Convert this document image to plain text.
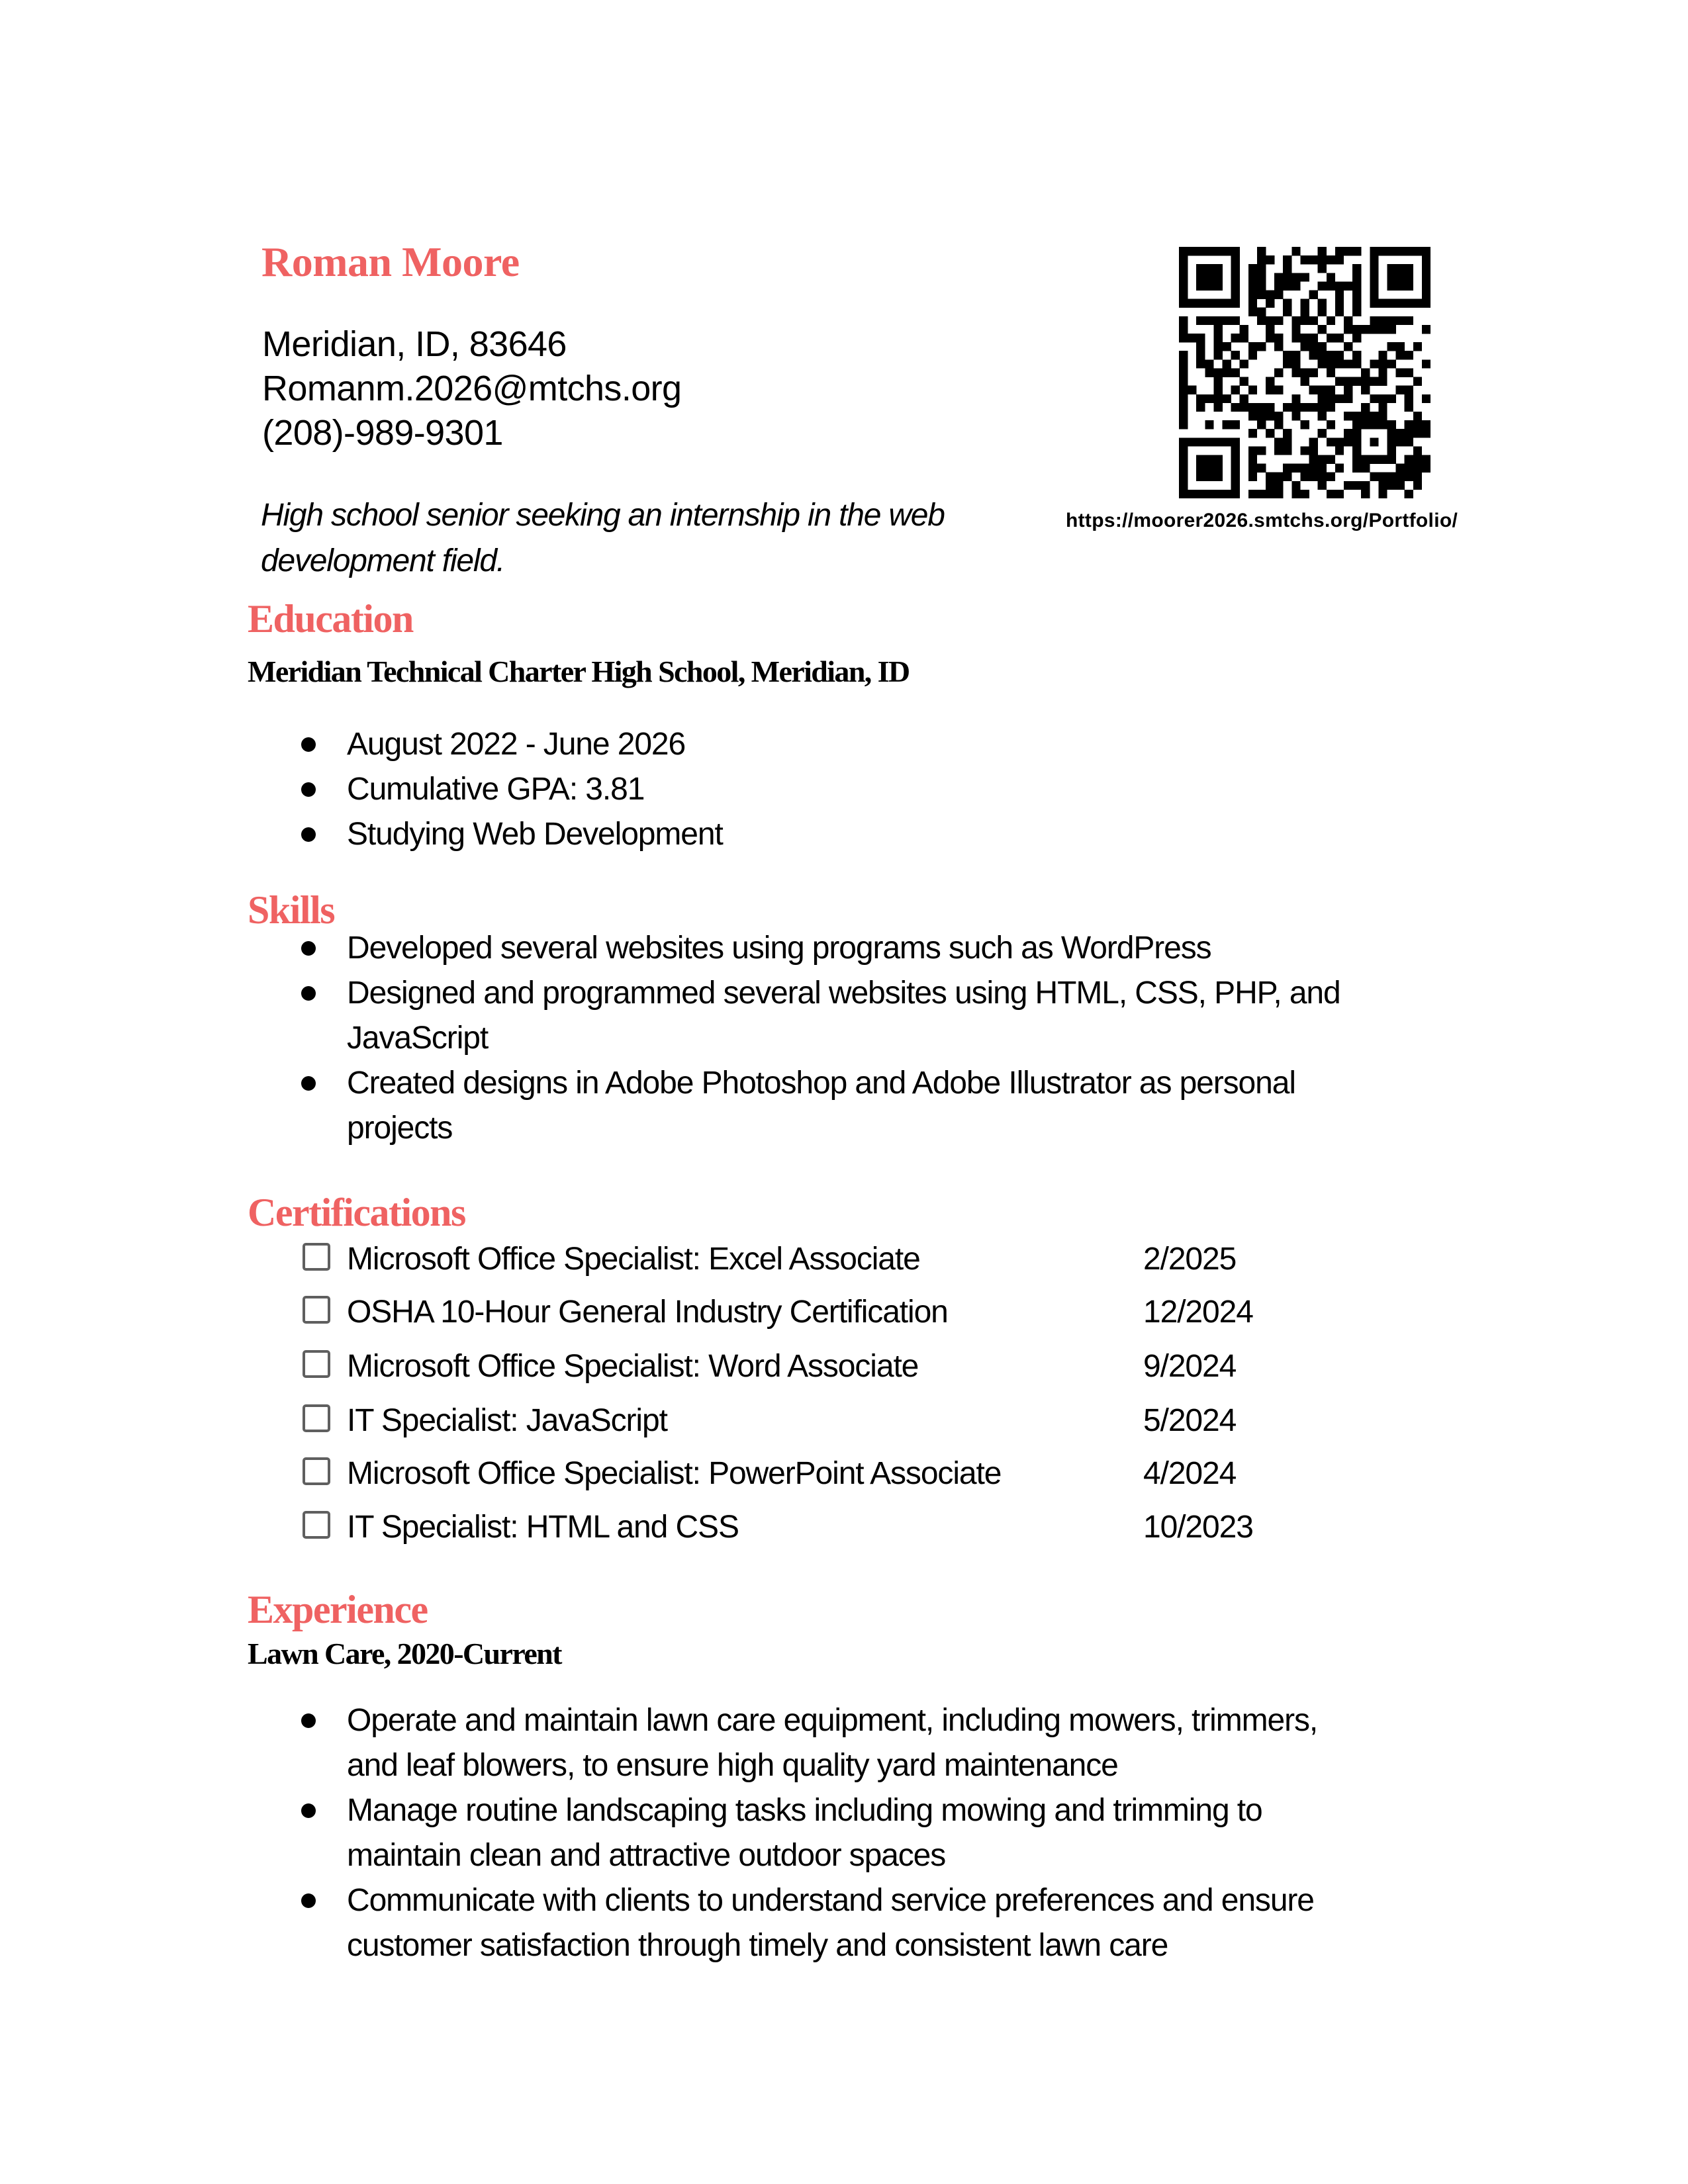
Roman Moore
Meridian, ID, 83646
Romanm.2026@mtchs.org
(208)-989-9301
High school senior seeking an internship in the web
development field.
https://moorer2026.smtchs.org/Portfolio/
Education
Meridian Technical Charter High School, Meridian, ID
August 2022 - June 2026
Cumulative GPA: 3.81
Studying Web Development
Skills
Developed several websites using programs such as WordPress
Designed and programmed several websites using HTML, CSS, PHP, and
JavaScript
Created designs in Adobe Photoshop and Adobe Illustrator as personal
projects
Certifications
Microsoft Office Specialist: Excel Associate	2/2025
OSHA 10-Hour General Industry Certification	12/2024
Microsoft Office Specialist: Word Associate	9/2024
IT Specialist: JavaScript	5/2024
Microsoft Office Specialist: PowerPoint Associate	4/2024
IT Specialist: HTML and CSS	10/2023
Experience
Lawn Care, 2020-Current
Operate and maintain lawn care equipment, including mowers, trimmers,
and leaf blowers, to ensure high quality yard maintenance
Manage routine landscaping tasks including mowing and trimming to
maintain clean and attractive outdoor spaces
Communicate with clients to understand service preferences and ensure
customer satisfaction through timely and consistent lawn care
